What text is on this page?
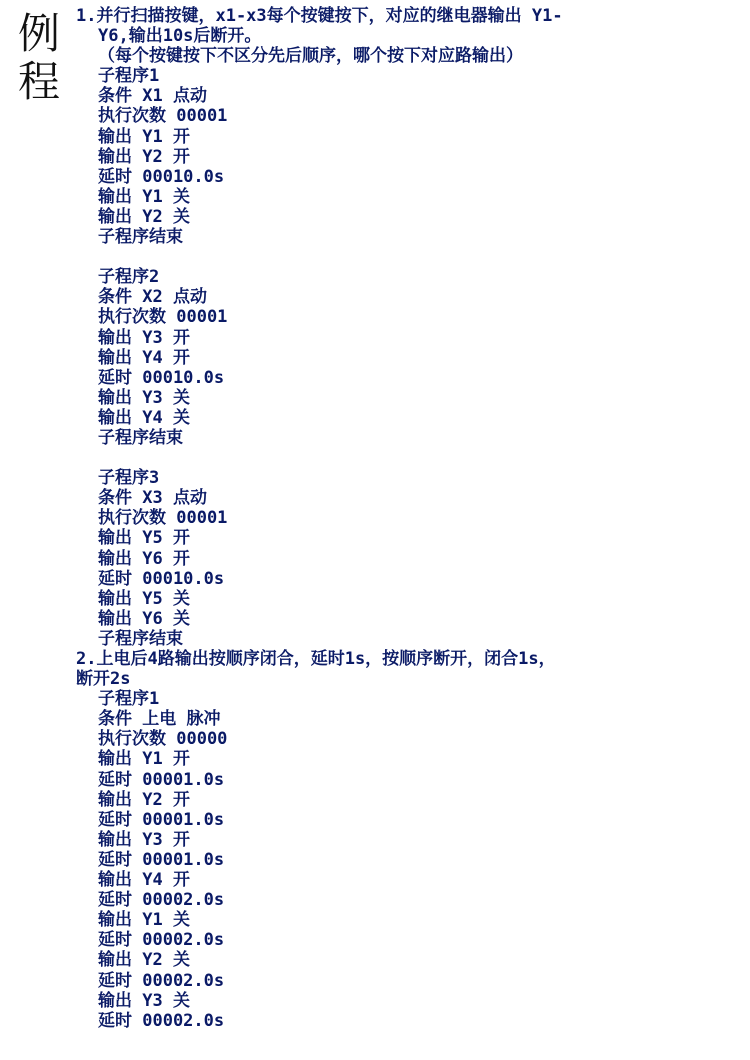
例
程
1.并行扫描按键，x1-x3每个按键按下，对应的继电器输出 Y1-
Y6,输出10s后断开。
（每个按键按下不区分先后顺序，哪个按下对应路输出）
子程序1
条件 X1 点动
执行次数 00001
输出 Y1 开
输出 Y2 开
延时 00010.0s
输出 Y1 关
输出 Y2 关
子程序结束
子程序2
条件 X2 点动
执行次数 00001
输出 Y3 开
输出 Y4 开
延时 00010.0s
输出 Y3 关
输出 Y4 关
子程序结束
子程序3
条件 X3 点动
执行次数 00001
输出 Y5 开
输出 Y6 开
延时 00010.0s
输出 Y5 关
输出 Y6 关
子程序结束
2.上电后4路输出按顺序闭合，延时1s，按顺序断开，闭合1s，
断开2s
子程序1
条件 上电 脉冲
执行次数 00000
输出 Y1 开
延时 00001.0s
输出 Y2 开
延时 00001.0s
输出 Y3 开
延时 00001.0s
输出 Y4 开
延时 00002.0s
输出 Y1 关
延时 00002.0s
输出 Y2 关
延时 00002.0s
输出 Y3 关
延时 00002.0s
